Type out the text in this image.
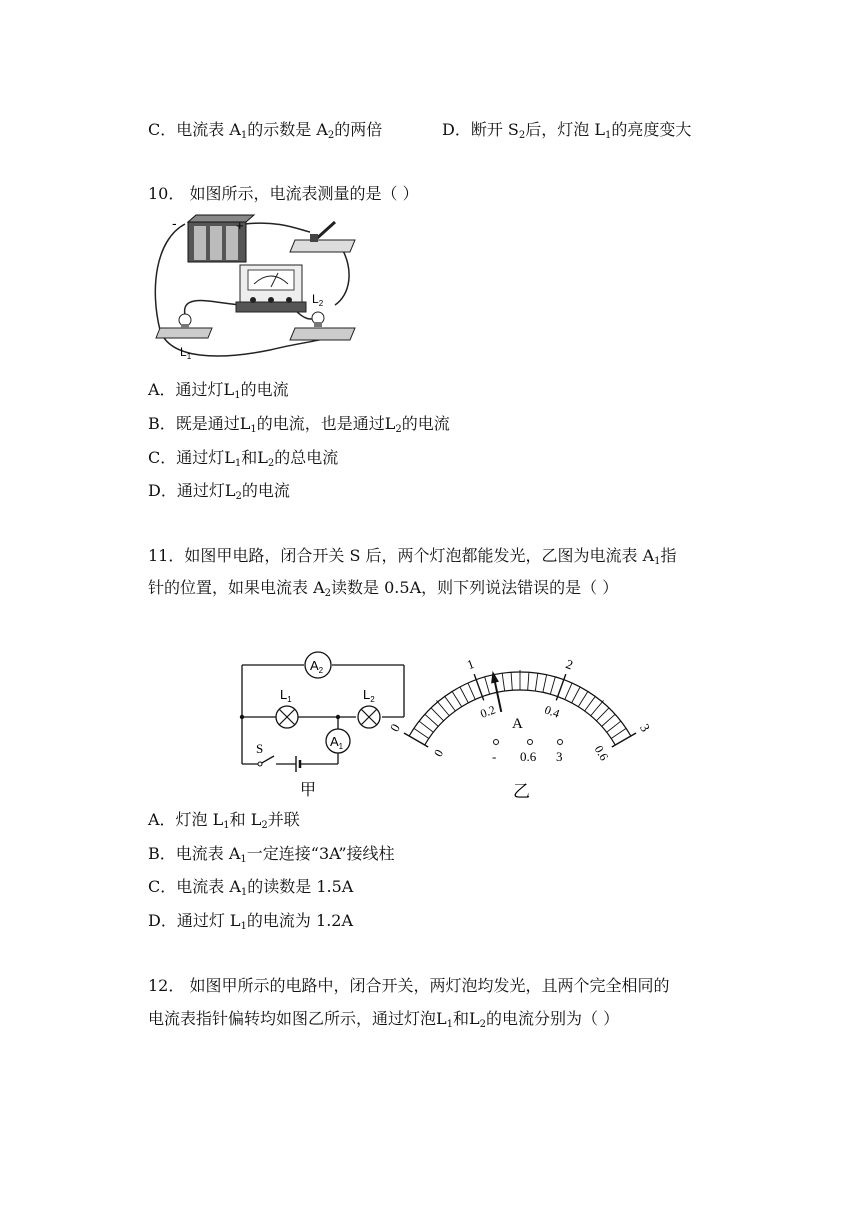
C．电流表 $A_1$的示数是 $A_2$的两倍	D．断开 $S_2$后，灯泡 $L_1$的亮度变大
10． 如图所示，电流表测量的是（ ）
-	+
$L_1$
$L_2$
A．通过灯$L_1$的电流
B．既是通过$L_1$的电流，也是通过$L_2$的电流
C．通过灯$L_1$和$L_2$的总电流
D．通过灯$L_2$的电流
11．如图甲电路，闭合开关 S 后，两个灯泡都能发光，乙图为电流表 $A_1$指
针的位置，如果电流表 $A_2$读数是 0.5A，则下列说法错误的是（ ）
$A_2$
$L_1$	$L_2$
$A_1$
S
甲
0
1	2
3
0
0.2	0.4
0.6
A
- 0.6 3
乙
A．灯泡 $L_1$和 $L_2$并联
B．电流表 $A_1$一定连接“3A”接线柱
C．电流表 $A_1$的读数是 1.5A
D．通过灯 $L_1$的电流为 1.2A
12． 如图甲所示的电路中，闭合开关，两灯泡均发光，且两个完全相同的
电流表指针偏转均如图乙所示，通过灯泡$L_1$和$L_2$的电流分别为（ ）
